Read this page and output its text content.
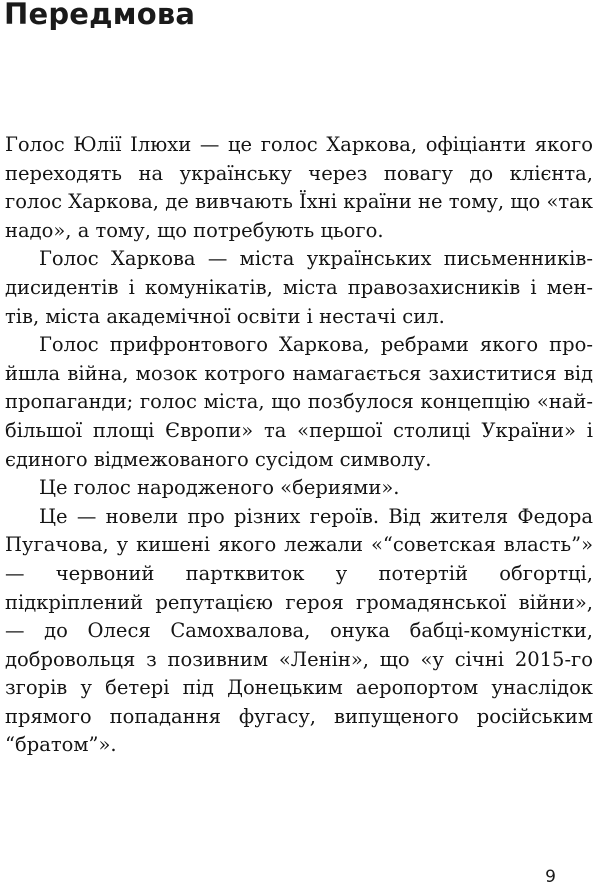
Передмова

Голос Юлії Ілюхи — це голос Харкова, офіціанти якого переходять на українську через повагу до клієнта, голос Харкова, де вивчають Їхні країни не тому, що «так надо», а тому, що потребують цього.

Голос Харкова — міста українських письменників-дисидентів і комунікатів, міста правозахисників і ментів, міста академічної освіти і нестачі сил.

Голос прифронтового Харкова, ребрами якого пройшла війна, мозок котрого намагається захиститися від пропаганди; голос міста, що позбулося концепцію «найбільшої площі Європи» та «першої столиці України» і єдиного відмежованого сусідом символу.

Це голос народженого «бериями».

Це — новели про різних героїв. Від жителя Федора Пугачова, у кишені якого лежали «“советская власть”» — червоний партквиток у потертій обгортці, підкріплений репутацією героя громадянської війни», — до Олеся Самохвалова, онука бабці-комуністки, добровольця з позивним «Ленін», що «у січні 2015-го згорів у бетері під Донецьким аеропортом унаслідок прямого попадання фугасу, випущеного російським “братом”».

9
